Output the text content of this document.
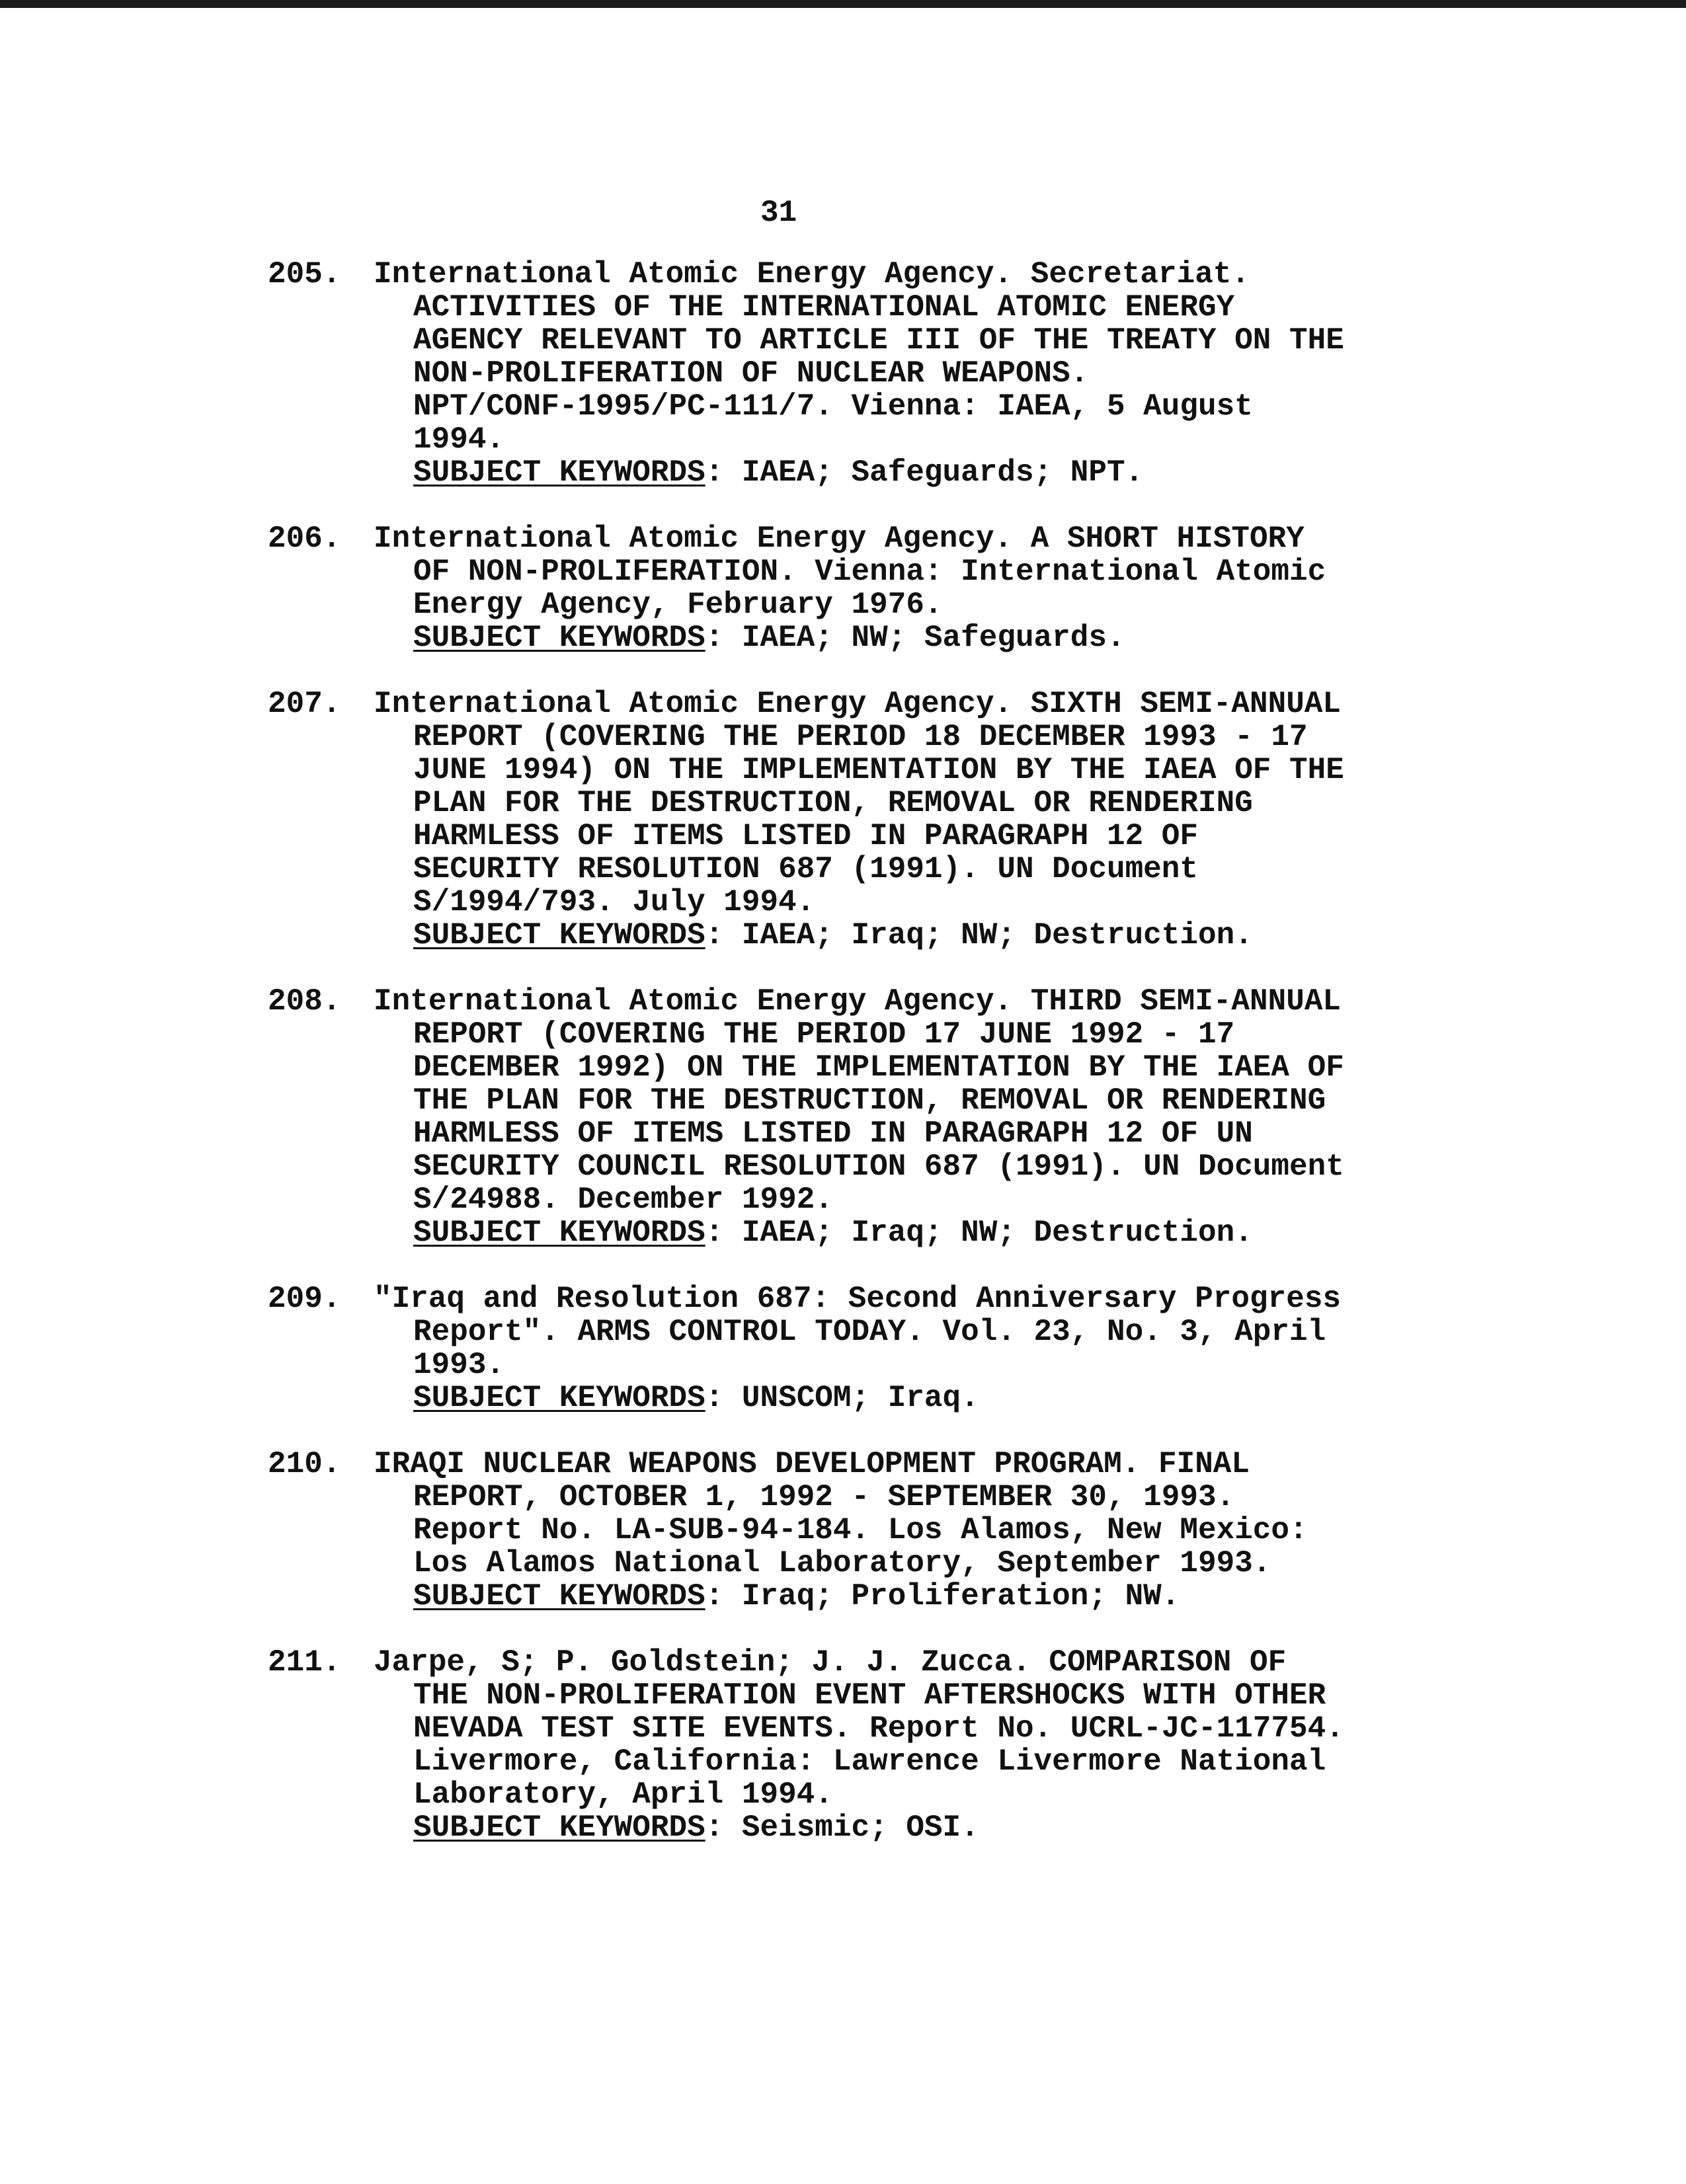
31
205.	International Atomic Energy Agency. Secretariat.
ACTIVITIES OF THE INTERNATIONAL ATOMIC ENERGY
AGENCY RELEVANT TO ARTICLE III OF THE TREATY ON THE
NON-PROLIFERATION OF NUCLEAR WEAPONS.
NPT/CONF-1995/PC-111/7. Vienna: IAEA, 5 August
1994.
SUBJECT KEYWORDS: IAEA; Safeguards; NPT.
206.	International Atomic Energy Agency. A SHORT HISTORY
OF NON-PROLIFERATION. Vienna: International Atomic
Energy Agency, February 1976.
SUBJECT KEYWORDS: IAEA; NW; Safeguards.
207.	International Atomic Energy Agency. SIXTH SEMI-ANNUAL
REPORT (COVERING THE PERIOD 18 DECEMBER 1993 - 17
JUNE 1994) ON THE IMPLEMENTATION BY THE IAEA OF THE
PLAN FOR THE DESTRUCTION, REMOVAL OR RENDERING
HARMLESS OF ITEMS LISTED IN PARAGRAPH 12 OF
SECURITY RESOLUTION 687 (1991). UN Document
S/1994/793. July 1994.
SUBJECT KEYWORDS: IAEA; Iraq; NW; Destruction.
208.	International Atomic Energy Agency. THIRD SEMI-ANNUAL
REPORT (COVERING THE PERIOD 17 JUNE 1992 - 17
DECEMBER 1992) ON THE IMPLEMENTATION BY THE IAEA OF
THE PLAN FOR THE DESTRUCTION, REMOVAL OR RENDERING
HARMLESS OF ITEMS LISTED IN PARAGRAPH 12 OF UN
SECURITY COUNCIL RESOLUTION 687 (1991). UN Document
S/24988. December 1992.
SUBJECT KEYWORDS: IAEA; Iraq; NW; Destruction.
209.	"Iraq and Resolution 687: Second Anniversary Progress
Report". ARMS CONTROL TODAY. Vol. 23, No. 3, April
1993.
SUBJECT KEYWORDS: UNSCOM; Iraq.
210.	IRAQI NUCLEAR WEAPONS DEVELOPMENT PROGRAM. FINAL
REPORT, OCTOBER 1, 1992 - SEPTEMBER 30, 1993.
Report No. LA-SUB-94-184. Los Alamos, New Mexico:
Los Alamos National Laboratory, September 1993.
SUBJECT KEYWORDS: Iraq; Proliferation; NW.
211.	Jarpe, S; P. Goldstein; J. J. Zucca. COMPARISON OF
THE NON-PROLIFERATION EVENT AFTERSHOCKS WITH OTHER
NEVADA TEST SITE EVENTS. Report No. UCRL-JC-117754.
Livermore, California: Lawrence Livermore National
Laboratory, April 1994.
SUBJECT KEYWORDS: Seismic; OSI.
